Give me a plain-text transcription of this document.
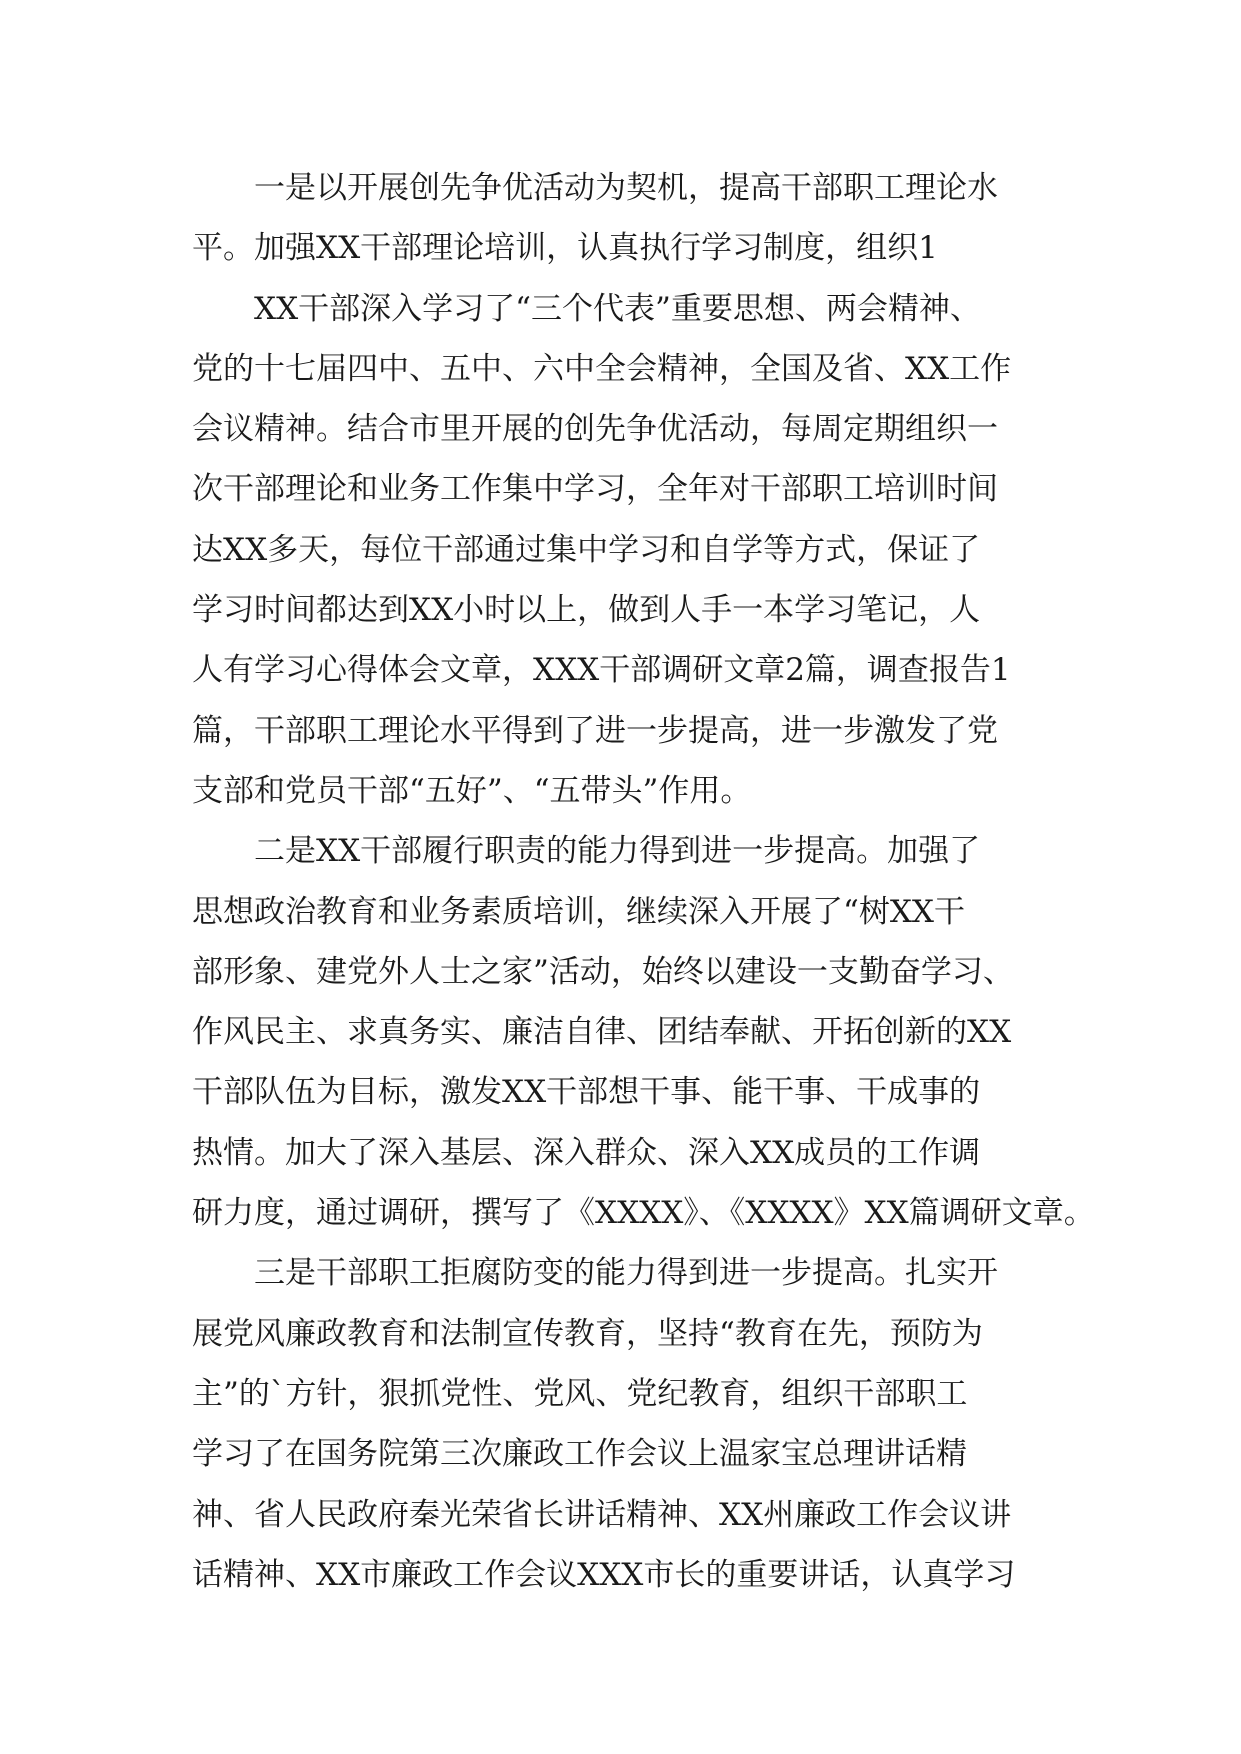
一是以开展创先争优活动为契机，提高干部职工理论水
平。加强XX干部理论培训，认真执行学习制度，组织1
XX干部深入学习了“三个代表”重要思想、两会精神、
党的十七届四中、五中、六中全会精神，全国及省、XX工作
会议精神。结合市里开展的创先争优活动，每周定期组织一
次干部理论和业务工作集中学习，全年对干部职工培训时间
达XX多天，每位干部通过集中学习和自学等方式，保证了
学习时间都达到XX小时以上，做到人手一本学习笔记，人
人有学习心得体会文章，XXX干部调研文章2篇，调查报告1
篇，干部职工理论水平得到了进一步提高，进一步激发了党
支部和党员干部“五好”、“五带头”作用。
二是XX干部履行职责的能力得到进一步提高。加强了
思想政治教育和业务素质培训，继续深入开展了“树XX干
部形象、建党外人士之家”活动，始终以建设一支勤奋学习、
作风民主、求真务实、廉洁自律、团结奉献、开拓创新的XX
干部队伍为目标，激发XX干部想干事、能干事、干成事的
热情。加大了深入基层、深入群众、深入XX成员的工作调
研力度，通过调研，撰写了《XXXX》、《XXXX》XX篇调研文章。
三是干部职工拒腐防变的能力得到进一步提高。扎实开
展党风廉政教育和法制宣传教育，坚持“教育在先，预防为
主”的`方针，狠抓党性、党风、党纪教育，组织干部职工
学习了在国务院第三次廉政工作会议上温家宝总理讲话精
神、省人民政府秦光荣省长讲话精神、XX州廉政工作会议讲
话精神、XX市廉政工作会议XXX市长的重要讲话，认真学习
